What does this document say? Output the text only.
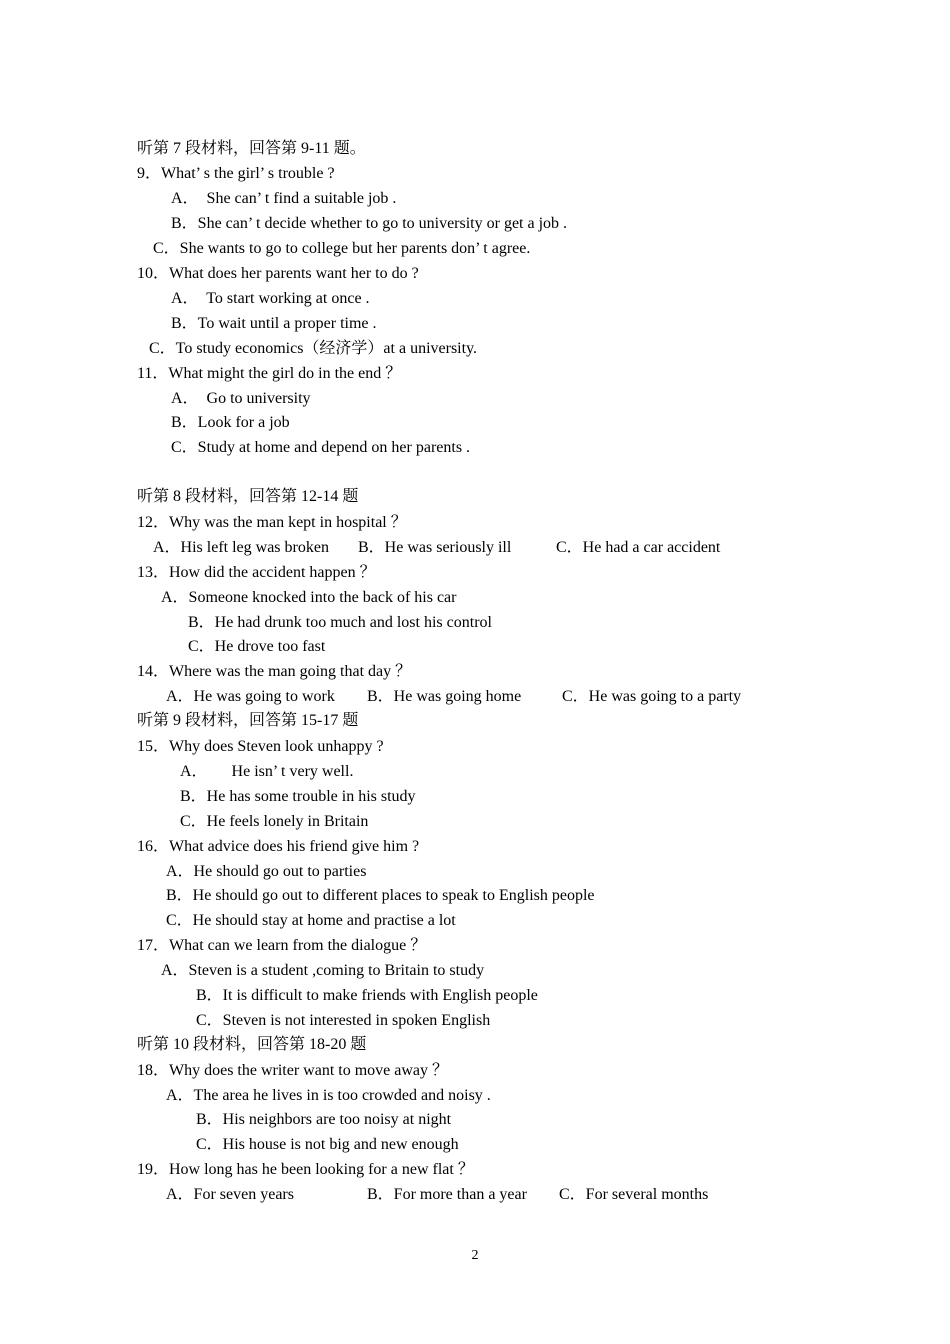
听第 7 段材料，回答第 9-11 题。
9．What’ s the girl’ s trouble ?
A．  She can’ t find a suitable job .
B．She can’ t decide whether to go to university or get a job .
C．She wants to go to college but her parents don’ t agree.
10．What does her parents want her to do ?
A．  To start working at once .
B．To wait until a proper time .
C．To study economics（经济学）at a university.
11．What might the girl do in the end ？
A．  Go to university
B．Look for a job
C．Study at home and depend on her parents .
听第 8 段材料，回答第 12-14 题
12．Why was the man kept in hospital ？
A．His left leg was broken B．He was seriously ill	C．He had a car accident
13．How did the accident happen ？
A．Someone knocked into the back of his car
B．He had drunk too much and lost his control
C．He drove too fast
14．Where was the man going that day ？
A．He was going to work B．He was going home	C．He was going to a party
听第 9 段材料，回答第 15-17 题
15．Why does Steven look unhappy ?
A．      He isn’ t very well.
B．He has some trouble in his study
C．He feels lonely in Britain
16．What advice does his friend give him ?
A．He should go out to parties
B．He should go out to different places to speak to English people
C．He should stay at home and practise a lot
17．What can we learn from the dialogue ？
A．Steven is a student ,coming to Britain to study
B．It is difficult to make friends with English people
C．Steven is not interested in spoken English
听第 10 段材料，回答第 18-20 题
18．Why does the writer want to move away ？
A．The area he lives in is too crowded and noisy .
B．His neighbors are too noisy at night
C．His house is not big and new enough
19．How long has he been looking for a new flat ？
A．For seven years	B．For more than a year C．For several months
2
